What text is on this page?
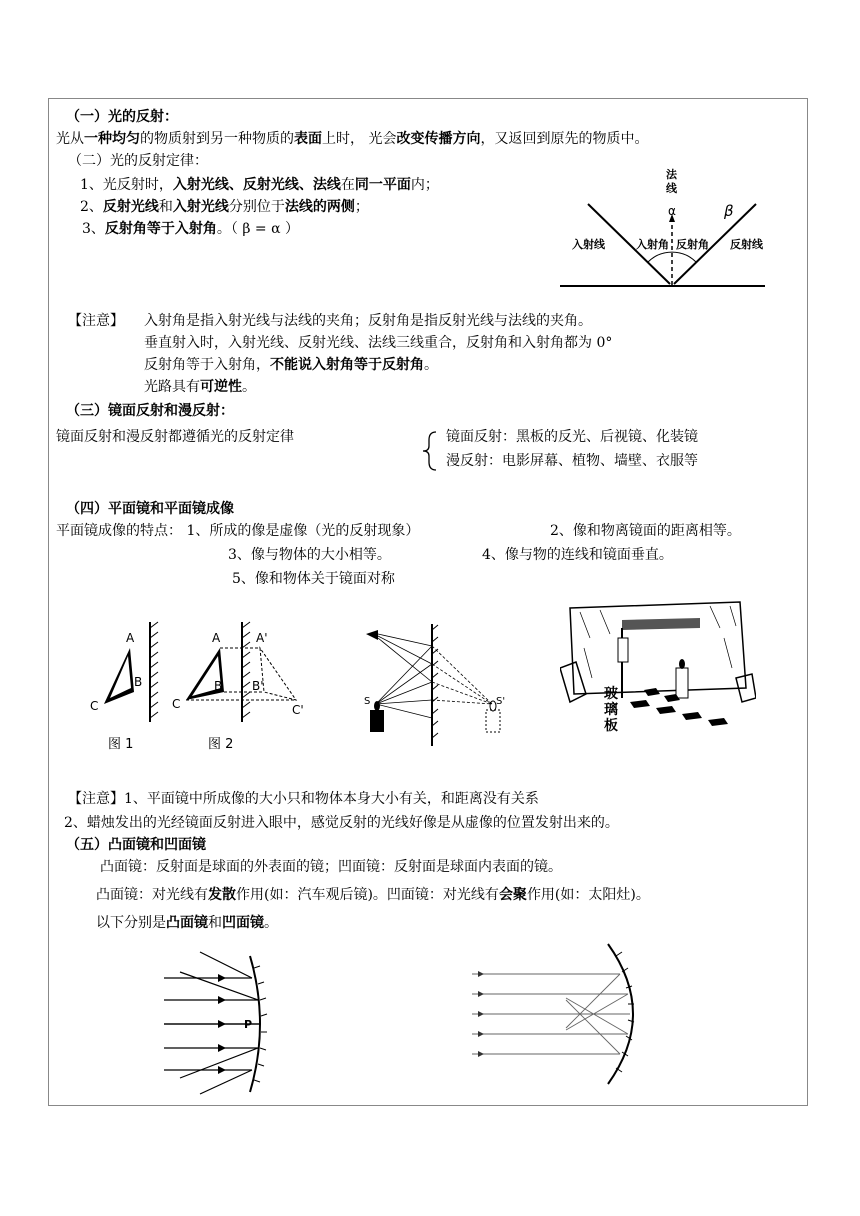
（一）光的反射：
光从一种均匀的物质射到另一种物质的表面上时， 光会改变传播方向，又返回到原先的物质中。
（二）光的反射定律：
1、光反射时，入射光线、反射光线、法线在同一平面内；
2、反射光线和入射光线分别位于法线的两侧；
3、反射角等于入射角。（ β = α ）
法
线
α	β
入射线	入射角 反射角 反射线
【注意】 入射角是指入射光线与法线的夹角；反射角是指反射光线与法线的夹角。
垂直射入时，入射光线、反射光线、法线三线重合，反射角和入射角都为 0°
反射角等于入射角，不能说入射角等于反射角。
光路具有可逆性。
（三）镜面反射和漫反射：
镜面反射和漫反射都遵循光的反射定律	镜面反射：黑板的反光、后视镜、化装镜
漫反射：电影屏幕、植物、墙壁、衣服等
（四）平面镜和平面镜成像
平面镜成像的特点： 1、所成的像是虚像（光的反射现象）	2、像和物离镜面的距离相等。
3、像与物体的大小相等。	4、像与物的连线和镜面垂直。
5、像和物体关于镜面对称
A
B
C
图 1
A
B
C
A'
B'
C'
图 2
S	S'	玻
璃
板
【注意】1、平面镜中所成像的大小只和物体本身大小有关，和距离没有关系
2、蜡烛发出的光经镜面反射进入眼中，感觉反射的光线好像是从虚像的位置发射出来的。
（五）凸面镜和凹面镜
凸面镜：反射面是球面的外表面的镜；凹面镜：反射面是球面内表面的镜。
凸面镜：对光线有发散作用(如：汽车观后镜)。凹面镜：对光线有会聚作用(如：太阳灶)。
以下分别是凸面镜和凹面镜。
P
